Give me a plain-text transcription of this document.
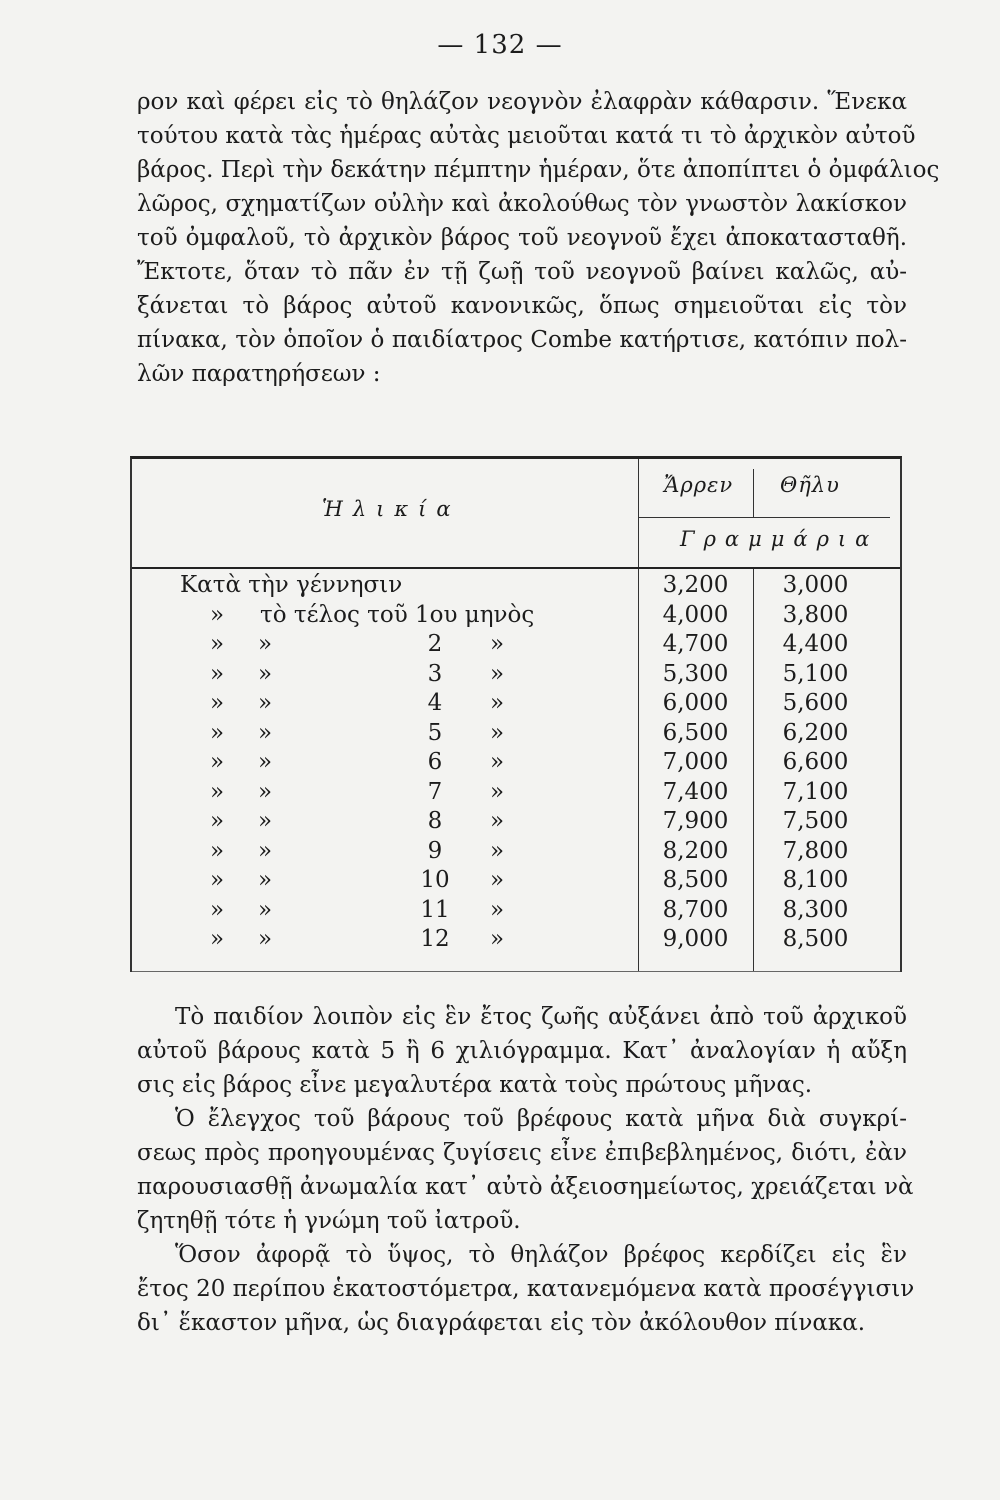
— 132 —
ρον καὶ φέρει εἰς τὸ θηλάζον νεογνὸν ἐλαφρὰν κάθαρσιν. Ἕνεκα
τούτου κατὰ τὰς ἡμέρας αὐτὰς μειοῦται κατά τι τὸ ἀρχικὸν αὐτοῦ
βάρος. Περὶ τὴν δεκάτην πέμπτην ἡμέραν, ὅτε ἀποπίπτει ὁ ὀμφάλιος
λῶρος, σχηματίζων οὐλὴν καὶ ἀκολούθως τὸν γνωστὸν λακίσκον
τοῦ ὀμφαλοῦ, τὸ ἀρχικὸν βάρος τοῦ νεογνοῦ ἔχει ἀποκατασταθῆ.
Ἔκτοτε, ὅταν τὸ πᾶν ἐν τῇ ζωῇ τοῦ νεογνοῦ βαίνει καλῶς, αὐ-
ξάνεται τὸ βάρος αὐτοῦ κανονικῶς, ὅπως σημειοῦται εἰς τὸν
πίνακα, τὸν ὁποῖον ὁ παιδίατρος Combe κατήρτισε, κατόπιν πολ-
λῶν παρατηρήσεων :
Ἡλικία
Ἄρρεν Θῆλυ
Γραμμάρια
Κατὰ τὴν γέννησιν	3,200	3,000
» τὸ τέλος τοῦ 1ου μηνὸς	4,000	3,800
» »	2	»	4,700	4,400
» »	3	»	5,300	5,100
» »	4	»	6,000	5,600
» »	5	»	6,500	6,200
» »	6	»	7,000	6,600
» »	7	»	7,400	7,100
» »	8	»	7,900	7,500
» »	9	»	8,200	7,800
» »	10	»	8,500	8,100
» »	11	»	8,700	8,300
» »	12	»	9,000	8,500
Τὸ παιδίον λοιπὸν εἰς ἓν ἔτος ζωῆς αὐξάνει ἀπὸ τοῦ ἀρχικοῦ
αὐτοῦ βάρους κατὰ 5 ἢ 6 χιλιόγραμμα. Κατ᾿ ἀναλογίαν ἡ αὔξη
σις εἰς βάρος εἶνε μεγαλυτέρα κατὰ τοὺς πρώτους μῆνας.
Ὁ ἔλεγχος τοῦ βάρους τοῦ βρέφους κατὰ μῆνα διὰ συγκρί-
σεως πρὸς προηγουμένας ζυγίσεις εἶνε ἐπιβεβλημένος, διότι, ἐὰν
παρουσιασθῇ ἀνωμαλία κατ᾿ αὐτὸ ἀξειοσημείωτος, χρειάζεται νὰ
ζητηθῇ τότε ἡ γνώμη τοῦ ἰατροῦ.
Ὅσον ἀφορᾷ τὸ ὕψος, τὸ θηλάζον βρέφος κερδίζει εἰς ἓν
ἔτος 20 περίπου ἑκατοστόμετρα, κατανεμόμενα κατὰ προσέγγισιν
δι᾿ ἕκαστον μῆνα, ὡς διαγράφεται εἰς τὸν ἀκόλουθον πίνακα.
